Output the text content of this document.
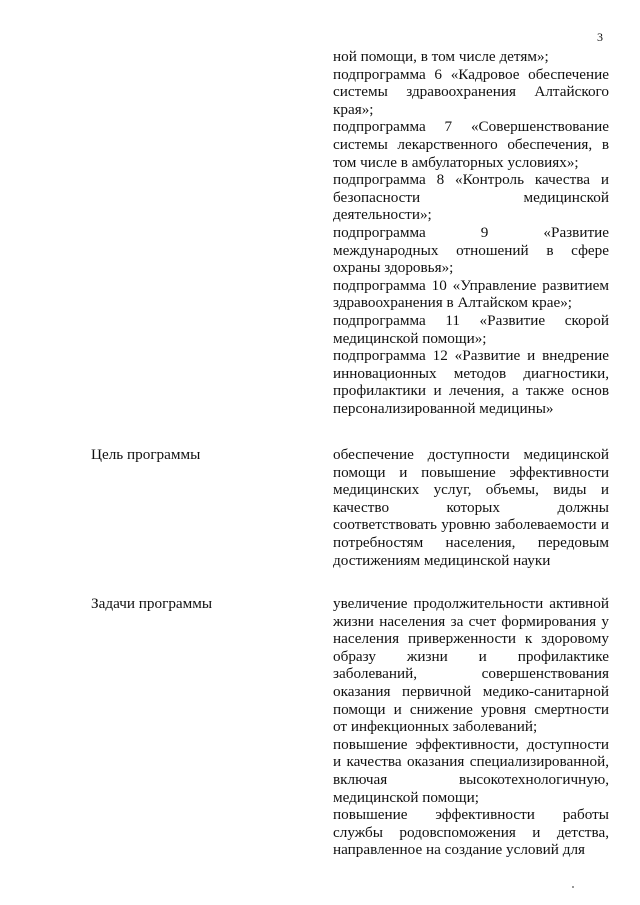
3

ной помощи, в том числе детям»;

подпрограмма 6 «Кадровое обеспечение системы здравоохранения Алтайского края»;

подпрограмма 7 «Совершенствование системы лекарственного обеспечения, в том числе в амбулаторных условиях»;

подпрограмма 8 «Контроль качества и безопасности медицинской деятельности»;

подпрограмма 9 «Развитие международных отношений в сфере охраны здоровья»;

подпрограмма 10 «Управление развитием здравоохранения в Алтайском крае»;

подпрограмма 11 «Развитие скорой медицинской помощи»;

подпрограмма 12 «Развитие и внедрение инновационных методов диагностики, профилактики и лечения, а также основ персонализированной медицины»

Цель программы	обеспечение доступности медицинской помощи и повышение эффективности медицинских услуг, объемы, виды и качество которых должны соответствовать уровню заболеваемости и потребностям населения, передовым достижениям медицинской науки

Задачи программы	увеличение продолжительности активной жизни населения за счет формирования у населения приверженности к здоровому образу жизни и профилактике заболеваний, совершенствования оказания первичной медико-санитарной помощи и снижение уровня смертности от инфекционных заболеваний;

повышение эффективности, доступности и качества оказания специализированной, включая высокотехнологичную, медицинской помощи;

повышение эффективности работы службы родовспоможения и детства, направленное на создание условий для
